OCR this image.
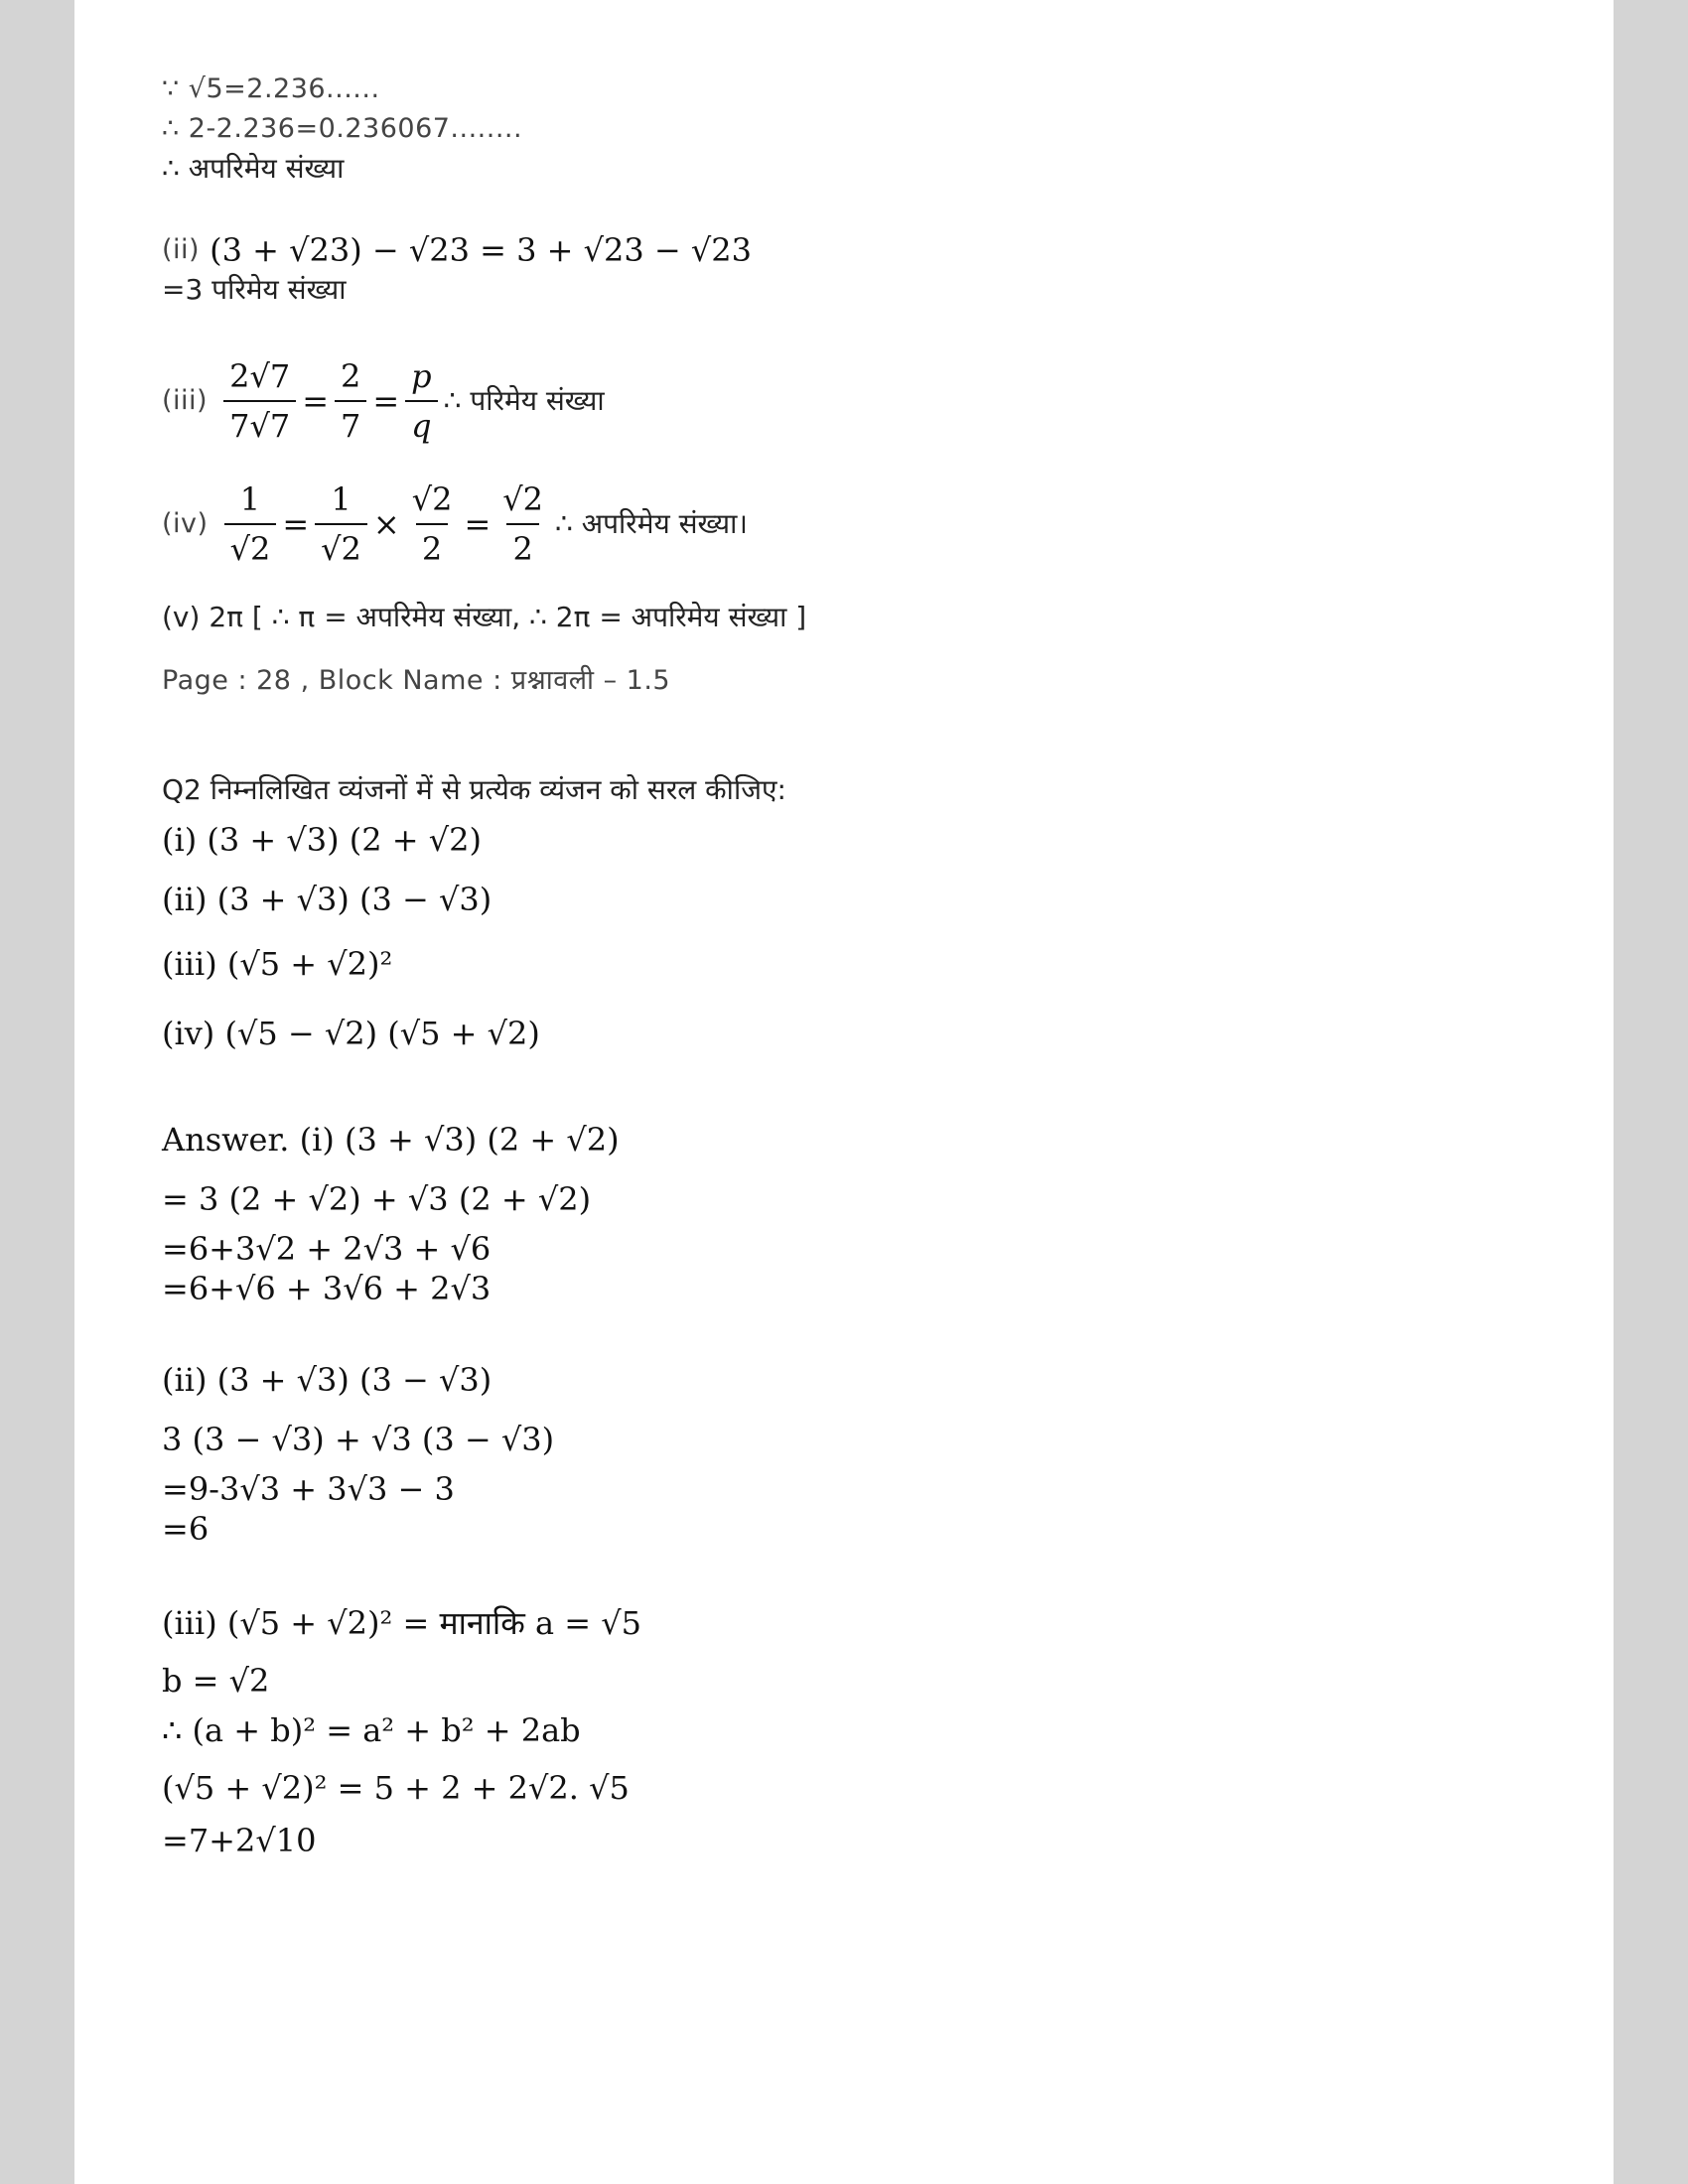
∵ √5=2.236......
∴ 2-2.236=0.236067........
∴ अपरिमेय संख्या
(ii) (3 + √23) − √23 = 3 + √23 − √23
=3 परिमेय संख्या
$(iii) \frac{2√7}{7√7} = \frac{2}{7} = \frac{p}{q}$ ∴ परिमेय संख्या
$(iv) \frac{1}{√2} = \frac{1}{√2} \times \frac{√2}{2} = \frac{√2}{2}$ ∴ अपरिमेय संख्या।
(v) 2π [ ∴ π = अपरिमेय संख्या, ∴ 2π = अपरिमेय संख्या ]
Page : 28 , Block Name : प्रश्नावली – 1.5
Q2 निम्नलिखित व्यंजनों में से प्रत्येक व्यंजन को सरल कीजिए:
(i) (3 + √3) (2 + √2)
(ii) (3 + √3) (3 − √3)
(iii) (√5 + √2)²
(iv) (√5 − √2) (√5 + √2)
Answer. (i) (3 + √3) (2 + √2)
= 3 (2 + √2) + √3 (2 + √2)
=6+3√2 + 2√3 + √6
=6+√6 + 3√6 + 2√3
(ii) (3 + √3) (3 − √3)
3 (3 − √3) + √3 (3 − √3)
=9-3√3 + 3√3 − 3
=6
(iii) (√5 + √2)² = मानाकि a = √5
b = √2
∴ (a + b)² = a² + b² + 2ab
(√5 + √2)² = 5 + 2 + 2√2. √5
=7+2√10
